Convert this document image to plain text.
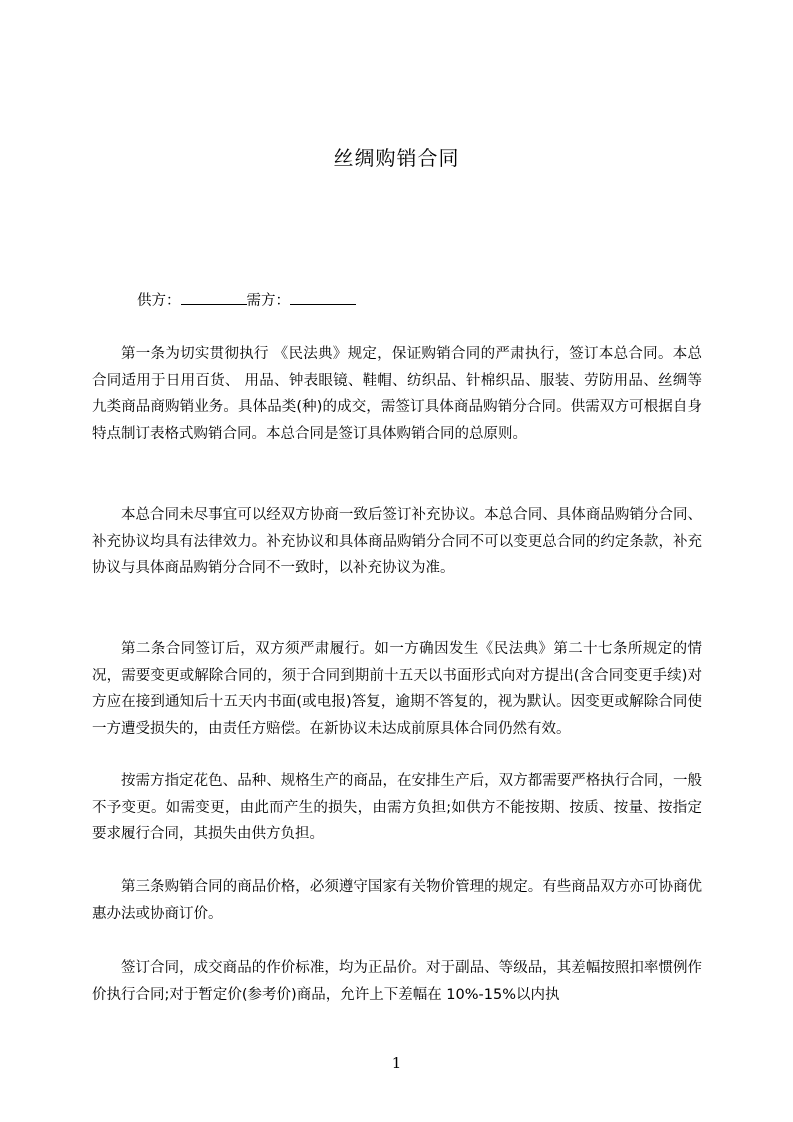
丝绸购销合同
供方：	需方：

第一条为切实贯彻执行 《民法典》规定，保证购销合同的严肃执行，签订本总合同。本总合同适用于日用百货、 用品、钟表眼镜、鞋帽、纺织品、针棉织品、服装、劳防用品、丝绸等九类商品商购销业务。具体品类(种)的成交，需签订具体商品购销分合同。供需双方可根据自身特点制订表格式购销合同。本总合同是签订具体购销合同的总原则。

本总合同未尽事宜可以经双方协商一致后签订补充协议。本总合同、具体商品购销分合同、补充协议均具有法律效力。补充协议和具体商品购销分合同不可以变更总合同的约定条款，补充协议与具体商品购销分合同不一致时，以补充协议为准。

第二条合同签订后，双方须严肃履行。如一方确因发生《民法典》第二十七条所规定的情况，需要变更或解除合同的，须于合同到期前十五天以书面形式向对方提出(含合同变更手续)对方应在接到通知后十五天内书面(或电报)答复，逾期不答复的，视为默认。因变更或解除合同使一方遭受损失的，由责任方赔偿。在新协议未达成前原具体合同仍然有效。

按需方指定花色、品种、规格生产的商品，在安排生产后，双方都需要严格执行合同，一般不予变更。如需变更，由此而产生的损失，由需方负担;如供方不能按期、按质、按量、按指定要求履行合同，其损失由供方负担。

第三条购销合同的商品价格，必须遵守国家有关物价管理的规定。有些商品双方亦可协商优惠办法或协商订价。

签订合同，成交商品的作价标准，均为正品价。对于副品、等级品，其差幅按照扣率惯例作价执行合同;对于暂定价(参考价)商品，允许上下差幅在 10%-15%以内执

1
